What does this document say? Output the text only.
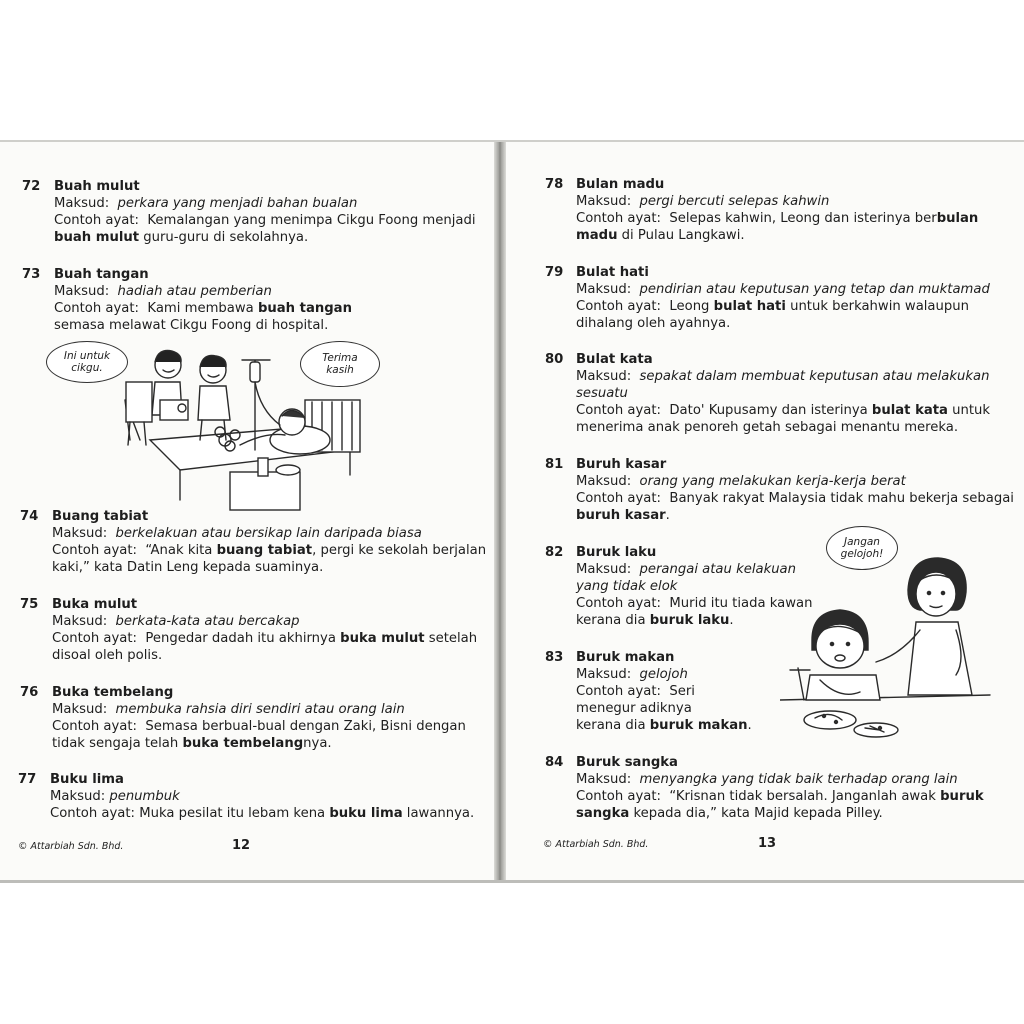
72 Buah mulut
Maksud: perkara yang menjadi bahan bualan
Contoh ayat: Kemalangan yang menimpa Cikgu Foong menjadi
buah mulut guru-guru di sekolahnya.
73 Buah tangan
Maksud: hadiah atau pemberian
Contoh ayat: Kami membawa buah tangan
semasa melawat Cikgu Foong di hospital.
Ini untuk cikgu.
Terima kasih
74 Buang tabiat
Maksud: berkelakuan atau bersikap lain daripada biasa
Contoh ayat: “Anak kita buang tabiat, pergi ke sekolah berjalan
kaki,” kata Datin Leng kepada suaminya.
75 Buka mulut
Maksud: berkata-kata atau bercakap
Contoh ayat: Pengedar dadah itu akhirnya buka mulut setelah
disoal oleh polis.
76 Buka tembelang
Maksud: membuka rahsia diri sendiri atau orang lain
Contoh ayat: Semasa berbual-bual dengan Zaki, Bisni dengan
tidak sengaja telah buka tembelangnya.
77 Buku lima
Maksud: penumbuk
Contoh ayat: Muka pesilat itu lebam kena buku lima lawannya.
© Attarbiah Sdn. Bhd.	12
78 Bulan madu
Maksud: pergi bercuti selepas kahwin
Contoh ayat: Selepas kahwin, Leong dan isterinya berbulan
madu di Pulau Langkawi.
79 Bulat hati
Maksud: pendirian atau keputusan yang tetap dan muktamad
Contoh ayat: Leong bulat hati untuk berkahwin walaupun
dihalang oleh ayahnya.
80 Bulat kata
Maksud: sepakat dalam membuat keputusan atau melakukan
sesuatu
Contoh ayat: Dato' Kupusamy dan isterinya bulat kata untuk
menerima anak penoreh getah sebagai menantu mereka.
81 Buruh kasar
Maksud: orang yang melakukan kerja-kerja berat
Contoh ayat: Banyak rakyat Malaysia tidak mahu bekerja sebagai
buruh kasar.
82 Buruk laku
Maksud: perangai atau kelakuan
yang tidak elok
Contoh ayat: Murid itu tiada kawan
kerana dia buruk laku.
83 Buruk makan
Maksud: gelojoh
Contoh ayat: Seri
menegur adiknya
kerana dia buruk makan.
84 Buruk sangka
Maksud: menyangka yang tidak baik terhadap orang lain
Contoh ayat: “Krisnan tidak bersalah. Janganlah awak buruk
sangka kepada dia,” kata Majid kepada Pilley.
Jangan gelojoh!
© Attarbiah Sdn. Bhd.	13
